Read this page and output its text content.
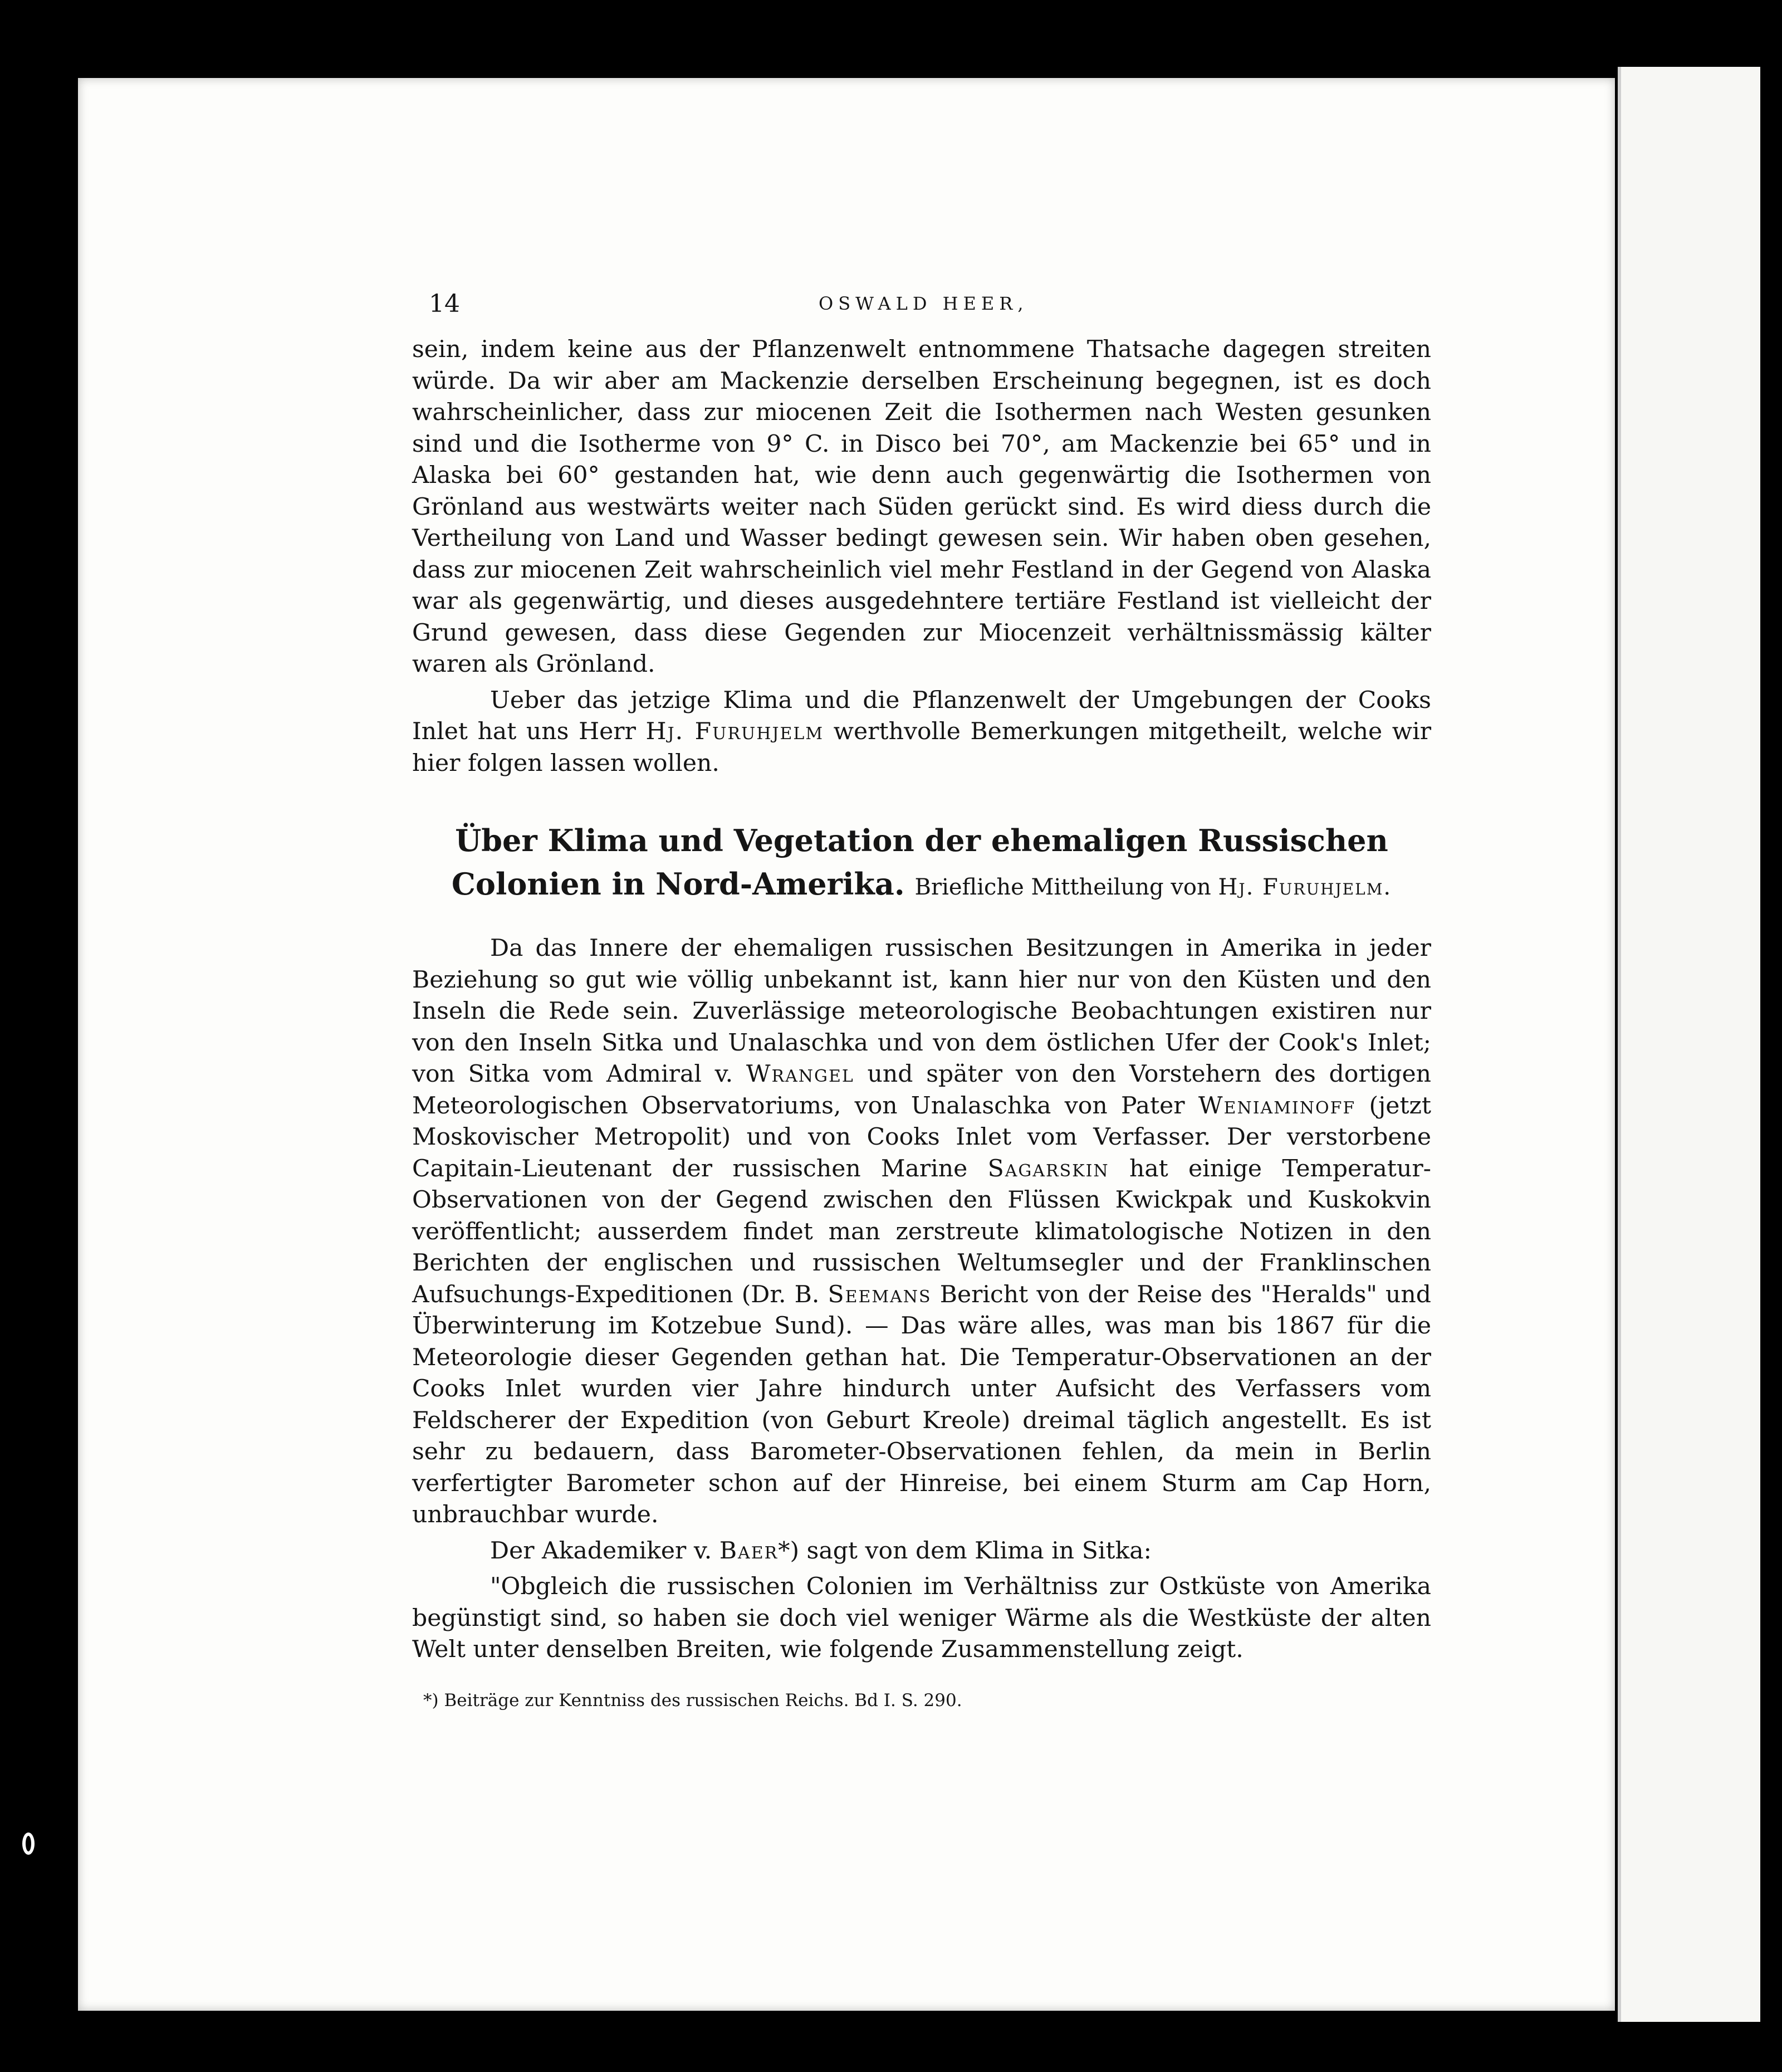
14	OSWALD HEER,

sein, indem keine aus der Pflanzenwelt entnommene Thatsache dagegen streiten würde. Da wir aber am Mackenzie derselben Erscheinung begegnen, ist es doch wahrscheinlicher, dass zur miocenen Zeit die Isothermen nach Westen gesunken sind und die Isotherme von 9° C. in Disco bei 70°, am Mackenzie bei 65° und in Alaska bei 60° gestanden hat, wie denn auch gegenwärtig die Isothermen von Grönland aus westwärts weiter nach Süden gerückt sind. Es wird diess durch die Vertheilung von Land und Wasser bedingt gewesen sein. Wir haben oben gesehen, dass zur miocenen Zeit wahrscheinlich viel mehr Festland in der Gegend von Alaska war als gegenwärtig, und dieses ausgedehntere tertiäre Festland ist vielleicht der Grund gewesen, dass diese Gegenden zur Miocenzeit verhältnissmässig kälter waren als Grönland.

Ueber das jetzige Klima und die Pflanzenwelt der Umgebungen der Cooks Inlet hat uns Herr Hj. Furuhjelm werthvolle Bemerkungen mitgetheilt, welche wir hier folgen lassen wollen.

Über Klima und Vegetation der ehemaligen Russischen Colonien in Nord-Amerika. Briefliche Mittheilung von Hj. Furuhjelm.

Da das Innere der ehemaligen russischen Besitzungen in Amerika in jeder Beziehung so gut wie völlig unbekannt ist, kann hier nur von den Küsten und den Inseln die Rede sein. Zuverlässige meteorologische Beobachtungen existiren nur von den Inseln Sitka und Unalaschka und von dem östlichen Ufer der Cook's Inlet; von Sitka vom Admiral v. Wrangel und später von den Vorstehern des dortigen Meteorologischen Observatoriums, von Unalaschka von Pater Weniaminoff (jetzt Moskovischer Metropolit) und von Cooks Inlet vom Verfasser. Der verstorbene Capitain-Lieutenant der russischen Marine Sagarskin hat einige Temperatur-Observationen von der Gegend zwischen den Flüssen Kwickpak und Kuskokvin veröffentlicht; ausserdem findet man zerstreute klimatologische Notizen in den Berichten der englischen und russischen Weltumsegler und der Franklinschen Aufsuchungs-Expeditionen (Dr. B. Seemans Bericht von der Reise des "Heralds" und Überwinterung im Kotzebue Sund). — Das wäre alles, was man bis 1867 für die Meteorologie dieser Gegenden gethan hat. Die Temperatur-Observationen an der Cooks Inlet wurden vier Jahre hindurch unter Aufsicht des Verfassers vom Feldscherer der Expedition (von Geburt Kreole) dreimal täglich angestellt. Es ist sehr zu bedauern, dass Barometer-Observationen fehlen, da mein in Berlin verfertigter Barometer schon auf der Hinreise, bei einem Sturm am Cap Horn, unbrauchbar wurde.

Der Akademiker v. Baer*) sagt von dem Klima in Sitka:

"Obgleich die russischen Colonien im Verhältniss zur Ostküste von Amerika begünstigt sind, so haben sie doch viel weniger Wärme als die Westküste der alten Welt unter denselben Breiten, wie folgende Zusammenstellung zeigt.

*) Beiträge zur Kenntniss des russischen Reichs. Bd I. S. 290.
